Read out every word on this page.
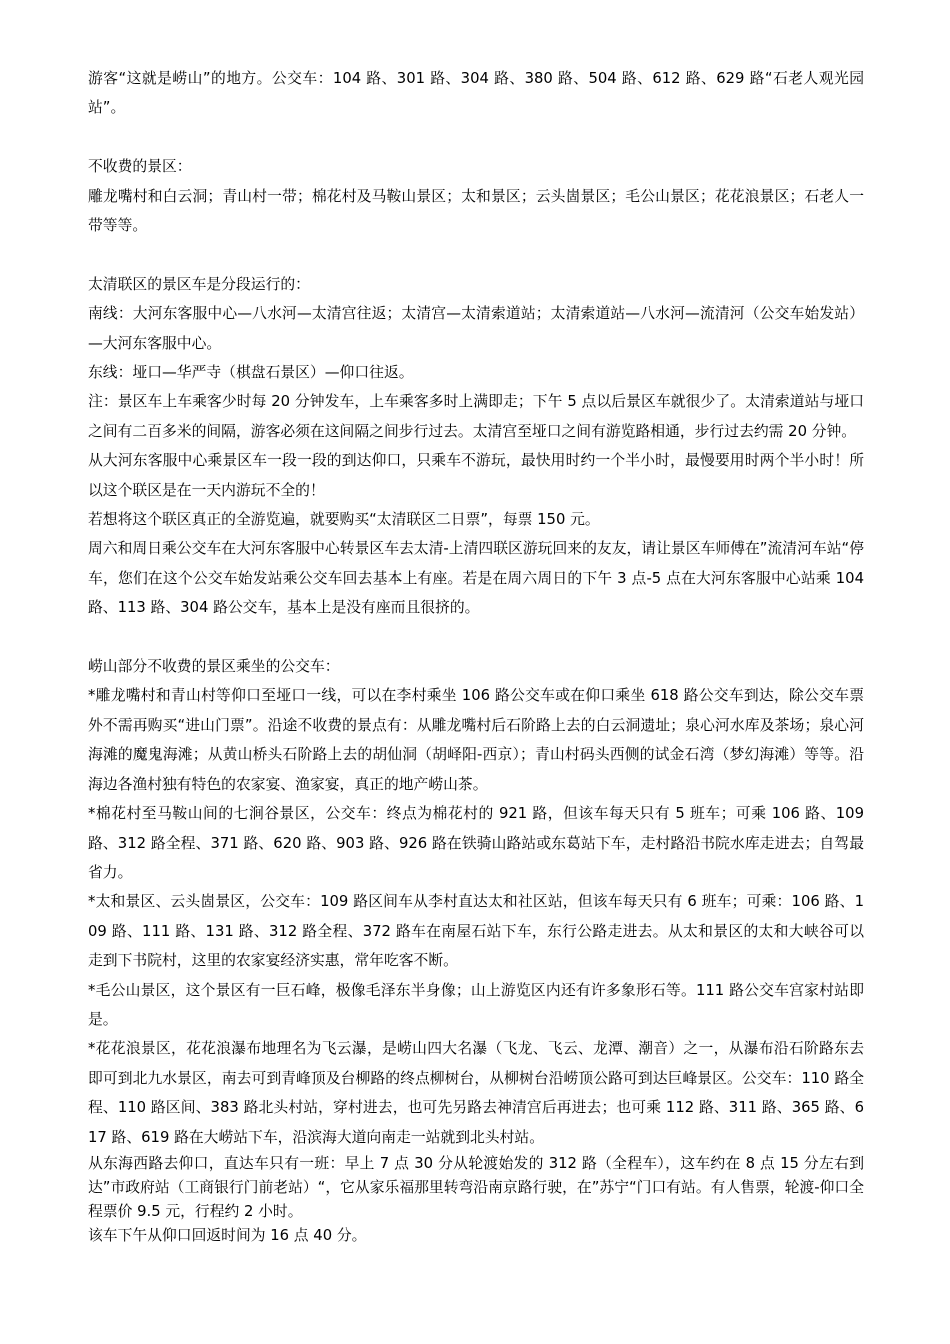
游客“这就是崂山”的地方。公交车：104 路、301 路、304 路、380 路、504 路、612 路、629 路“石老人观光园站”。

不收费的景区：

雕龙嘴村和白云洞；青山村一带；棉花村及马鞍山景区；太和景区；云头崮景区；毛公山景区；花花浪景区；石老人一带等等。

太清联区的景区车是分段运行的：

南线：大河东客服中心—八水河—太清宫往返；太清宫—太清索道站；太清索道站—八水河—流清河（公交车始发站）—大河东客服中心。

东线：垭口—华严寺（棋盘石景区）—仰口往返。

注：景区车上车乘客少时每 20 分钟发车，上车乘客多时上满即走；下午 5 点以后景区车就很少了。太清索道站与垭口之间有二百多米的间隔，游客必须在这间隔之间步行过去。太清宫至垭口之间有游览路相通，步行过去约需 20 分钟。

从大河东客服中心乘景区车一段一段的到达仰口，只乘车不游玩，最快用时约一个半小时，最慢要用时两个半小时！所以这个联区是在一天内游玩不全的！

若想将这个联区真正的全游览遍，就要购买“太清联区二日票”，每票 150 元。

周六和周日乘公交车在大河东客服中心转景区车去太清-上清四联区游玩回来的友友，请让景区车师傅在”流清河车站“停车，您们在这个公交车始发站乘公交车回去基本上有座。若是在周六周日的下午 3 点-5 点在大河东客服中心站乘 104 路、113 路、304 路公交车，基本上是没有座而且很挤的。

崂山部分不收费的景区乘坐的公交车：

*雕龙嘴村和青山村等仰口至垭口一线，可以在李村乘坐 106 路公交车或在仰口乘坐 618 路公交车到达，除公交车票外不需再购买“进山门票”。沿途不收费的景点有：从雕龙嘴村后石阶路上去的白云洞遗址；泉心河水库及茶场；泉心河海滩的魔鬼海滩；从黄山桥头石阶路上去的胡仙洞（胡峄阳-西京）；青山村码头西侧的试金石湾（梦幻海滩）等等。沿海边各渔村独有特色的农家宴、渔家宴，真正的地产崂山茶。

*棉花村至马鞍山间的七涧谷景区，公交车：终点为棉花村的 921 路，但该车每天只有 5 班车；可乘 106 路、109 路、312 路全程、371 路、620 路、903 路、926 路在铁骑山路站或东葛站下车，走村路沿书院水库走进去；自驾最省力。

*太和景区、云头崮景区，公交车：109 路区间车从李村直达太和社区站，但该车每天只有 6 班车；可乘：106 路、109 路、111 路、131 路、312 路全程、372 路车在南屋石站下车，东行公路走进去。从太和景区的太和大峡谷可以走到下书院村，这里的农家宴经济实惠，常年吃客不断。

*毛公山景区，这个景区有一巨石峰，极像毛泽东半身像；山上游览区内还有许多象形石等。111 路公交车宫家村站即是。

*花花浪景区，花花浪瀑布地理名为飞云瀑，是崂山四大名瀑（飞龙、飞云、龙潭、潮音）之一，从瀑布沿石阶路东去即可到北九水景区，南去可到青峰顶及台柳路的终点柳树台，从柳树台沿崂顶公路可到达巨峰景区。公交车：110 路全程、110 路区间、383 路北头村站，穿村进去，也可先另路去神清宫后再进去；也可乘 112 路、311 路、365 路、617 路、619 路在大崂站下车，沿滨海大道向南走一站就到北头村站。

从东海西路去仰口，直达车只有一班：早上 7 点 30 分从轮渡始发的 312 路（全程车），这车约在 8 点 15 分左右到达”市政府站（工商银行门前老站）“，它从家乐福那里转弯沿南京路行驶，在”苏宁“门口有站。有人售票，轮渡-仰口全程票价 9.5 元，行程约 2 小时。

该车下午从仰口回返时间为 16 点 40 分。
